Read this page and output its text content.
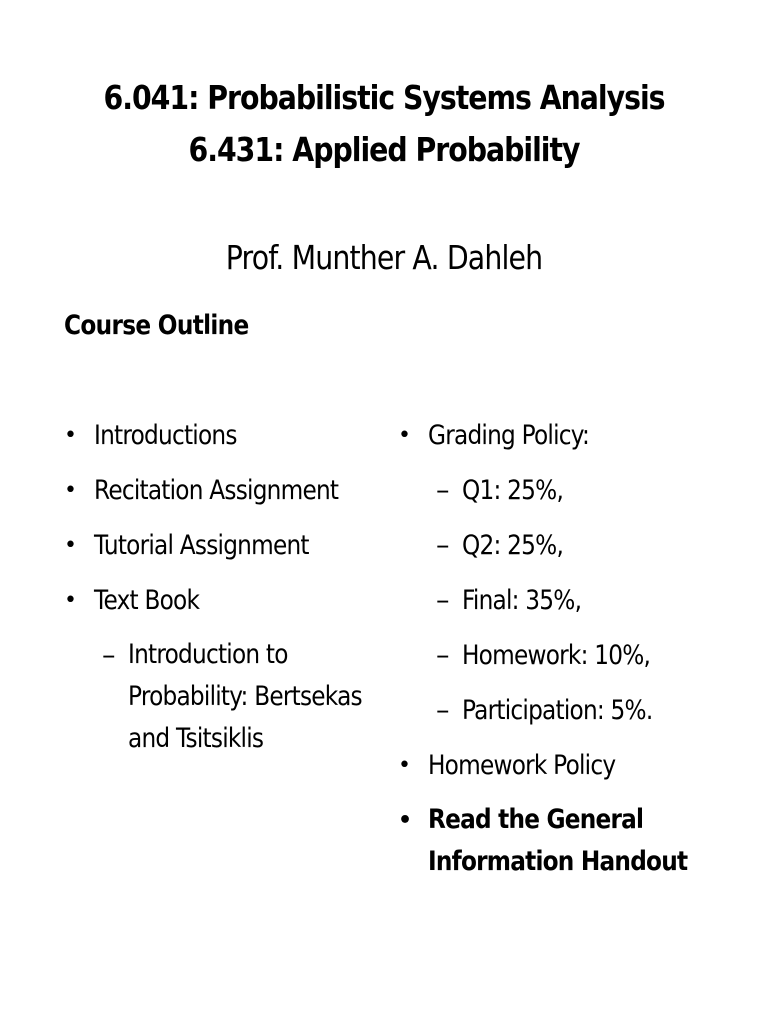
6.041: Probabilistic Systems Analysis
6.431: Applied Probability
Prof. Munther A. Dahleh
Course Outline
• Introductions
• Recitation Assignment
• Tutorial Assignment
• Text Book
– Introduction to
Probability: Bertsekas
and Tsitsiklis
• Grading Policy:
– Q1: 25%,
– Q2: 25%,
– Final: 35%,
– Homework: 10%,
– Participation: 5%.
• Homework Policy
• Read the General
Information Handout
